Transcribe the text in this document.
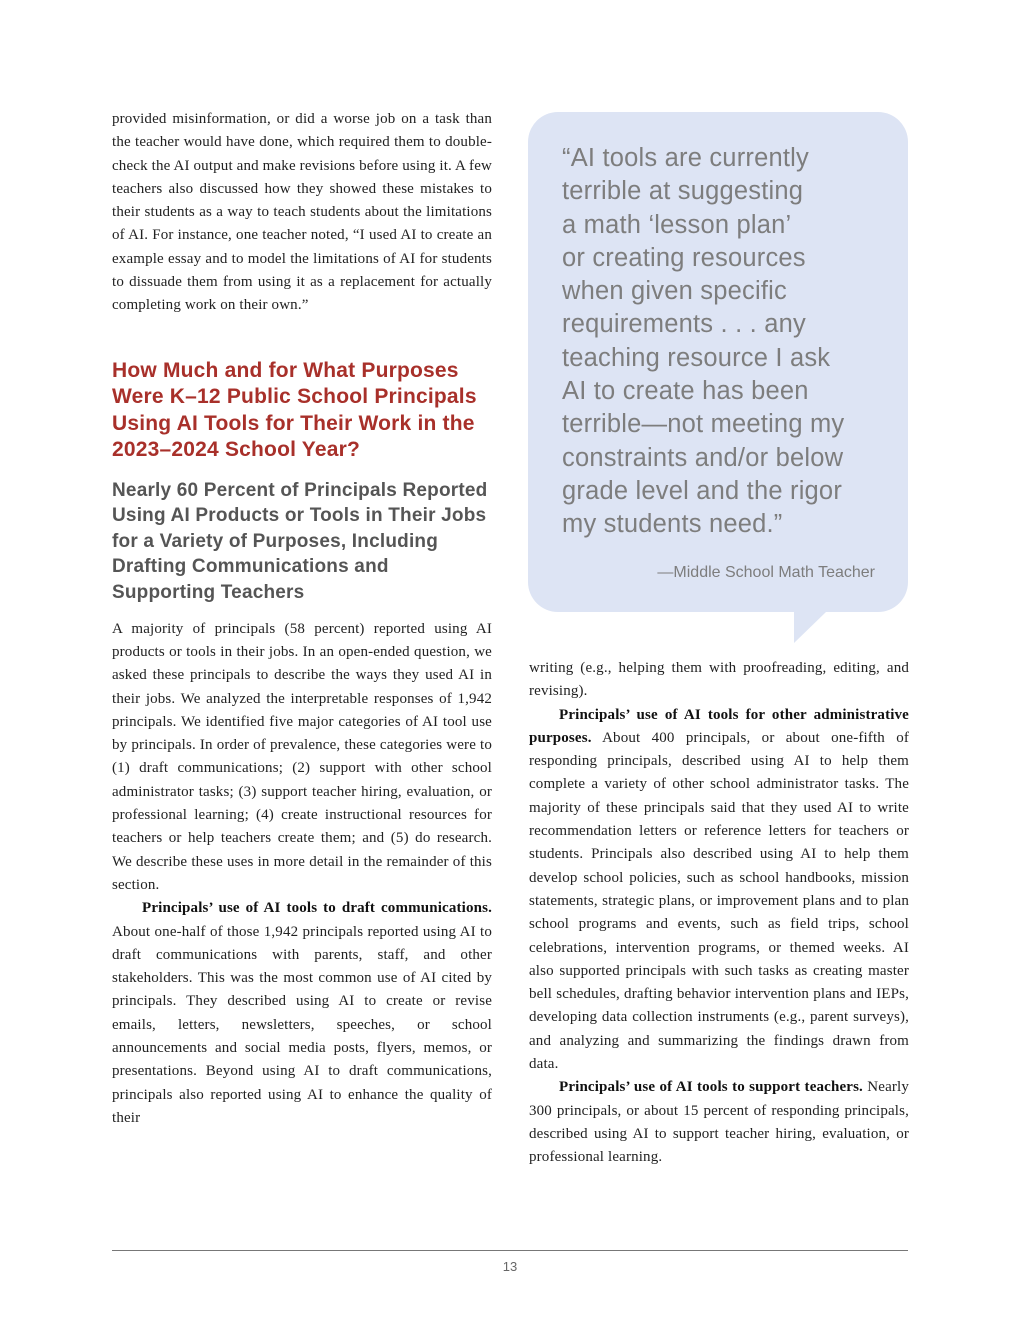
provided misinformation, or did a worse job on a task than the teacher would have done, which required them to double-check the AI output and make revisions before using it. A few teachers also discussed how they showed these mistakes to their students as a way to teach students about the limitations of AI. For instance, one teacher noted, “I used AI to create an example essay and to model the limitations of AI for students to dissuade them from using it as a replacement for actually completing work on their own.”

How Much and for What Purposes Were K–12 Public School Principals Using AI Tools for Their Work in the 2023–2024 School Year?
Nearly 60 Percent of Principals Reported Using AI Products or Tools in Their Jobs for a Variety of Purposes, Including Drafting Communications and Supporting Teachers

A majority of principals (58 percent) reported using AI products or tools in their jobs. In an open-ended question, we asked these principals to describe the ways they used AI in their jobs. We analyzed the interpretable responses of 1,942 principals. We identified five major categories of AI tool use by principals. In order of prevalence, these categories were to (1) draft communications; (2) support with other school administrator tasks; (3) support teacher hiring, evaluation, or professional learning; (4) create instructional resources for teachers or help teachers create them; and (5) do research. We describe these uses in more detail in the remainder of this section.

Principals’ use of AI tools to draft communications. About one-half of those 1,942 principals reported using AI to draft communications with parents, staff, and other stakeholders. This was the most common use of AI cited by principals. They described using AI to create or revise emails, letters, newsletters, speeches, or school announcements and social media posts, flyers, memos, or presentations. Beyond using AI to draft communications, principals also reported using AI to enhance the quality of their

“AI tools are currently
terrible at suggesting
a math ‘lesson plan’
or creating resources
when given specific
requirements . . . any
teaching resource I ask
AI to create has been
terrible—not meeting my
constraints and/or below
grade level and the rigor
my students need.”
—Middle School Math Teacher

writing (e.g., helping them with proofreading, editing, and revising).

Principals’ use of AI tools for other administrative purposes. About 400 principals, or about one-fifth of responding principals, described using AI to help them complete a variety of other school administrator tasks. The majority of these principals said that they used AI to write recommendation letters or reference letters for teachers or students. Principals also described using AI to help them develop school policies, such as school handbooks, mission statements, strategic plans, or improvement plans and to plan school programs and events, such as field trips, school celebrations, intervention programs, or themed weeks. AI also supported principals with such tasks as creating master bell schedules, drafting behavior intervention plans and IEPs, developing data collection instruments (e.g., parent surveys), and analyzing and summarizing the findings drawn from data.

Principals’ use of AI tools to support teachers. Nearly 300 principals, or about 15 percent of responding principals, described using AI to support teacher hiring, evaluation, or professional learning.

13
